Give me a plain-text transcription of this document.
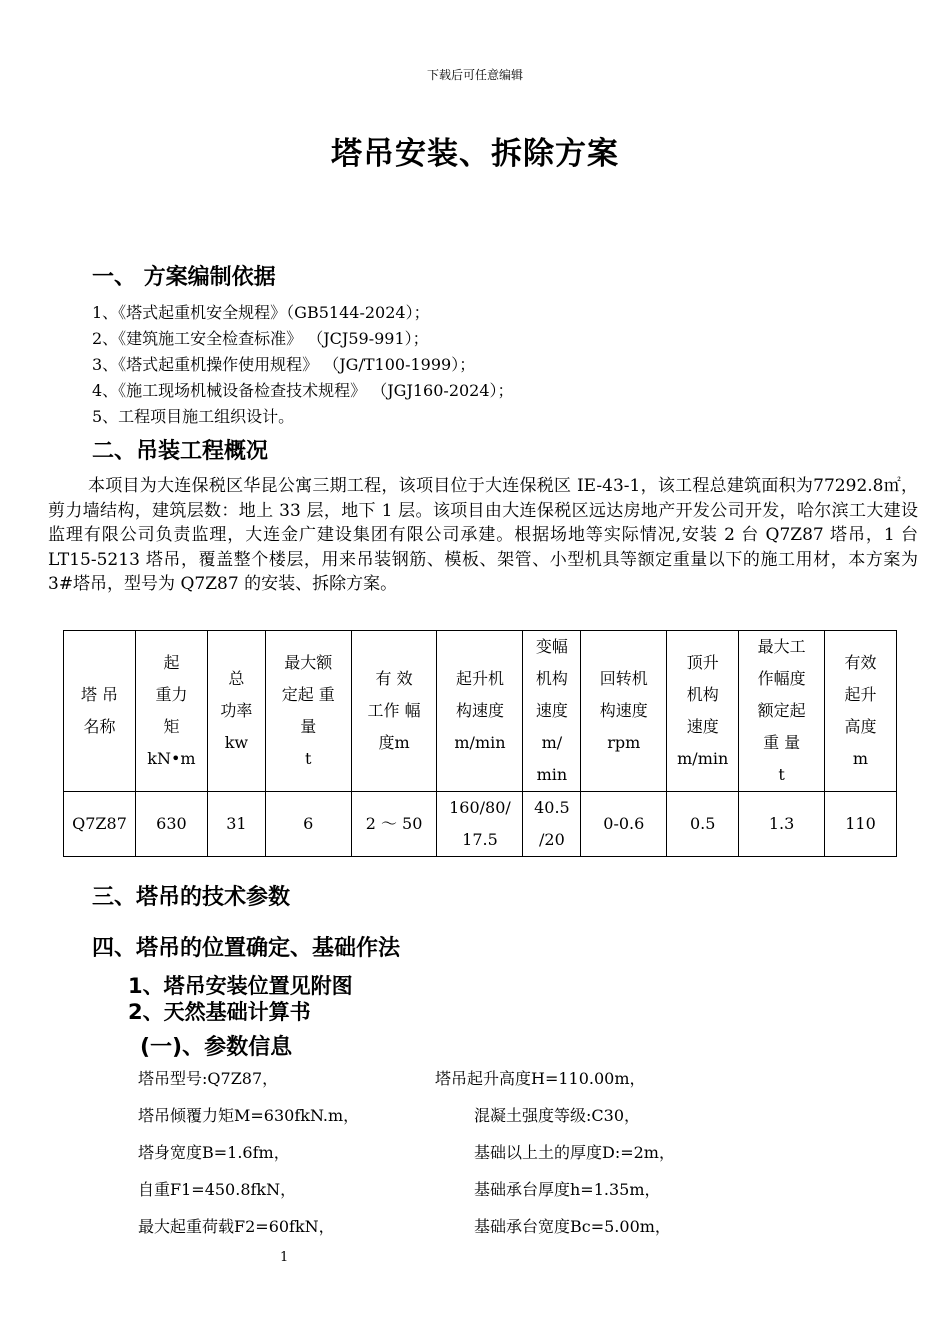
下载后可任意编辑
塔吊安装、拆除方案
一、 方案编制依据
1、《塔式起重机安全规程》（GB5144-2024）；
2、《建筑施工安全检查标准》 （JCJ59-991）；
3、《塔式起重机操作使用规程》 （JG/T100-1999）；
4、《施工现场机械设备检查技术规程》 （JGJ160-2024）；
5、工程项目施工组织设计。
二、吊装工程概况
本项目为大连保税区华昆公寓三期工程，该项目位于大连保税区 IE-43-1，该工程总建筑面积为77292.8㎡，剪力墙结构，建筑层数：地上 33 层，地下 1 层。该项目由大连保税区远达房地产开发公司开发，哈尔滨工大建设监理有限公司负责监理，大连金广建设集团有限公司承建。根据场地等实际情况,安装 2 台 Q7Z87 塔吊，1 台 LT15-5213 塔吊，覆盖整个楼层，用来吊装钢筋、模板、架管、小型机具等额定重量以下的施工用材，本方案为 3#塔吊，型号为 Q7Z87 的安装、拆除方案。
塔 吊
名称	起
重力
矩
kN•m	总
功率
kw	最大额
定起 重
量
t	有 效
工作 幅
度m	起升机
构速度
m/min	变幅
机构
速度
m/
min	回转机
构速度
rpm	顶升
机构
速度
m/min	最大工
作幅度
额定起
重 量
t	有效
起升
高度
m
Q7Z87	630	31	6	2 ～ 50	160/80/
17.5	40.5
/20	0-0.6	0.5	1.3	110
三、塔吊的技术参数
四、塔吊的位置确定、基础作法
1、塔吊安装位置见附图
2、天然基础计算书
(一)、参数信息
塔吊型号:Q7Z87，	塔吊起升高度H=110.00m，
塔吊倾覆力矩M=630fkN.m，	混凝土强度等级:C30，
塔身宽度B=1.6fm，	基础以上土的厚度D:=2m，
自重F1=450.8fkN，	基础承台厚度h=1.35m，
最大起重荷载F2=60fkN，	基础承台宽度Bc=5.00m，
1
